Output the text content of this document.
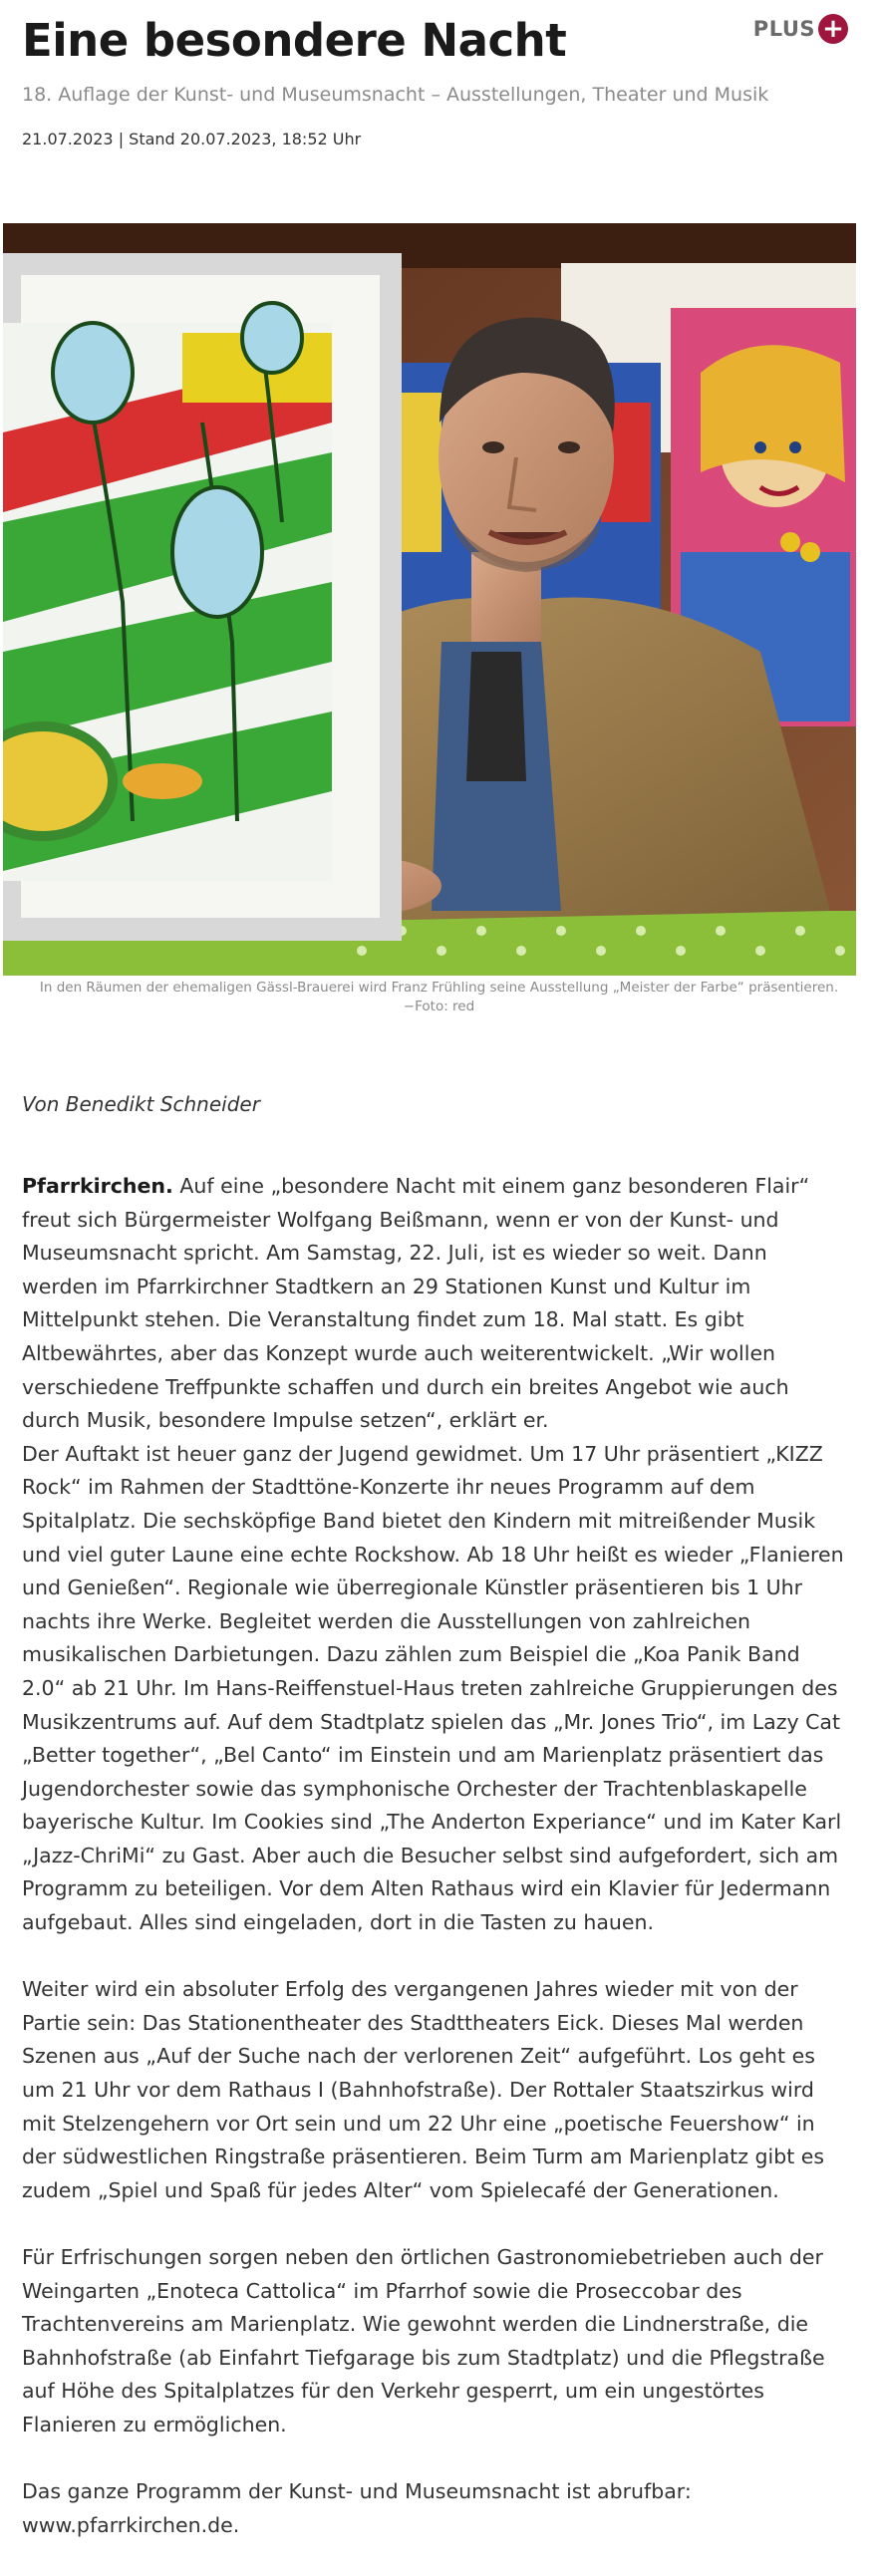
PLUS +
Eine besondere Nacht
18. Auflage der Kunst- und Museumsnacht – Ausstellungen, Theater und Musik
21.07.2023 | Stand 20.07.2023, 18:52 Uhr
In den Räumen der ehemaligen Gässl-Brauerei wird Franz Frühling seine Ausstellung „Meister der Farbe“ präsentieren.
−Foto: red
Von Benedikt Schneider

Pfarrkirchen. Auf eine „besondere Nacht mit einem ganz besonderen Flair“ freut sich Bürgermeister Wolfgang Beißmann, wenn er von der Kunst- und Museumsnacht spricht. Am Samstag, 22. Juli, ist es wieder so weit. Dann werden im Pfarrkirchner Stadtkern an 29 Stationen Kunst und Kultur im Mittelpunkt stehen. Die Veranstaltung findet zum 18. Mal statt. Es gibt Altbewährtes, aber das Konzept wurde auch weiterentwickelt. „Wir wollen verschiedene Treffpunkte schaffen und durch ein breites Angebot wie auch durch Musik, besondere Impulse setzen“, erklärt er.

Der Auftakt ist heuer ganz der Jugend gewidmet. Um 17 Uhr präsentiert „KIZZ Rock“ im Rahmen der Stadttöne-Konzerte ihr neues Programm auf dem Spitalplatz. Die sechsköpfige Band bietet den Kindern mit mitreißender Musik und viel guter Laune eine echte Rockshow. Ab 18 Uhr heißt es wieder „Flanieren und Genießen“. Regionale wie überregionale Künstler präsentieren bis 1 Uhr nachts ihre Werke. Begleitet werden die Ausstellungen von zahlreichen musikalischen Darbietungen. Dazu zählen zum Beispiel die „Koa Panik Band 2.0“ ab 21 Uhr. Im Hans-Reiffenstuel-Haus treten zahlreiche Gruppierungen des Musikzentrums auf. Auf dem Stadtplatz spielen das „Mr. Jones Trio“, im Lazy Cat „Better together“, „Bel Canto“ im Einstein und am Marienplatz präsentiert das Jugendorchester sowie das symphonische Orchester der Trachtenblaskapelle bayerische Kultur. Im Cookies sind „The Anderton Experiance“ und im Kater Karl „Jazz-ChriMi“ zu Gast. Aber auch die Besucher selbst sind aufgefordert, sich am Programm zu beteiligen. Vor dem Alten Rathaus wird ein Klavier für Jedermann aufgebaut. Alles sind eingeladen, dort in die Tasten zu hauen.

Weiter wird ein absoluter Erfolg des vergangenen Jahres wieder mit von der Partie sein: Das Stationentheater des Stadttheaters Eick. Dieses Mal werden Szenen aus „Auf der Suche nach der verlorenen Zeit“ aufgeführt. Los geht es um 21 Uhr vor dem Rathaus I (Bahnhofstraße). Der Rottaler Staatszirkus wird mit Stelzengehern vor Ort sein und um 22 Uhr eine „poetische Feuershow“ in der südwestlichen Ringstraße präsentieren. Beim Turm am Marienplatz gibt es zudem „Spiel und Spaß für jedes Alter“ vom Spielecafé der Generationen.

Für Erfrischungen sorgen neben den örtlichen Gastronomiebetrieben auch der Weingarten „Enoteca Cattolica“ im Pfarrhof sowie die Proseccobar des Trachtenvereins am Marienplatz. Wie gewohnt werden die Lindnerstraße, die Bahnhofstraße (ab Einfahrt Tiefgarage bis zum Stadtplatz) und die Pflegstraße auf Höhe des Spitalplatzes für den Verkehr gesperrt, um ein ungestörtes Flanieren zu ermöglichen.

Das ganze Programm der Kunst- und Museumsnacht ist abrufbar: www.pfarrkirchen.de.
